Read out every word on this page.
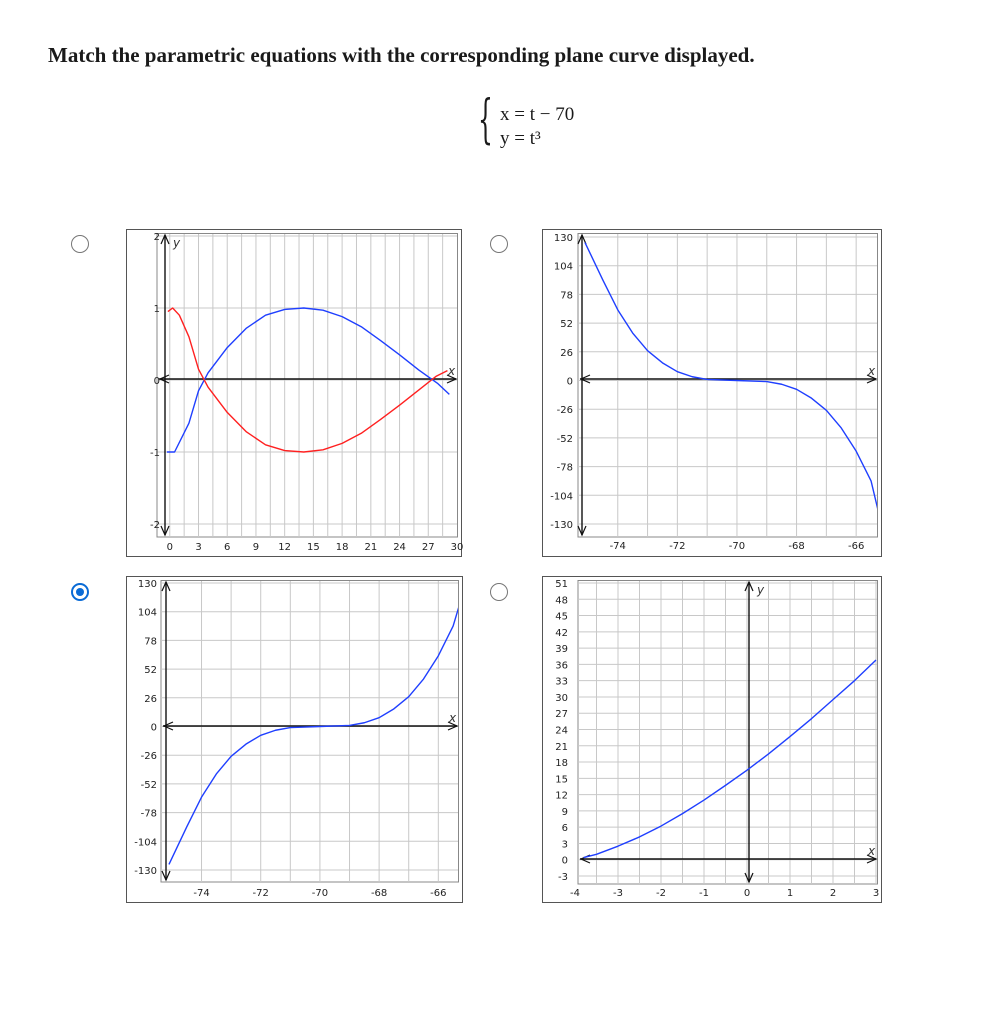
Match the parametric equations with the corresponding plane curve displayed.
{ x = t − 70
y = t³
y
x
0 3 6 9 12 15 18 21 24 27 30
2
1
0
-1
-2
x
-74	-72	-70	-68	-66
130
104
78
52
26
0
-26
-52
-78
-104
-130
x
-74	-72	-70	-68	-66
130
104
78
52
26
0
-26
-52
-78
-104
-130
y
x
-4	-3	-2	-1	0	1	2	3
51
48
45
42
39
36
33
30
27
24
21
18
15
12
9
6
3
0
-3
